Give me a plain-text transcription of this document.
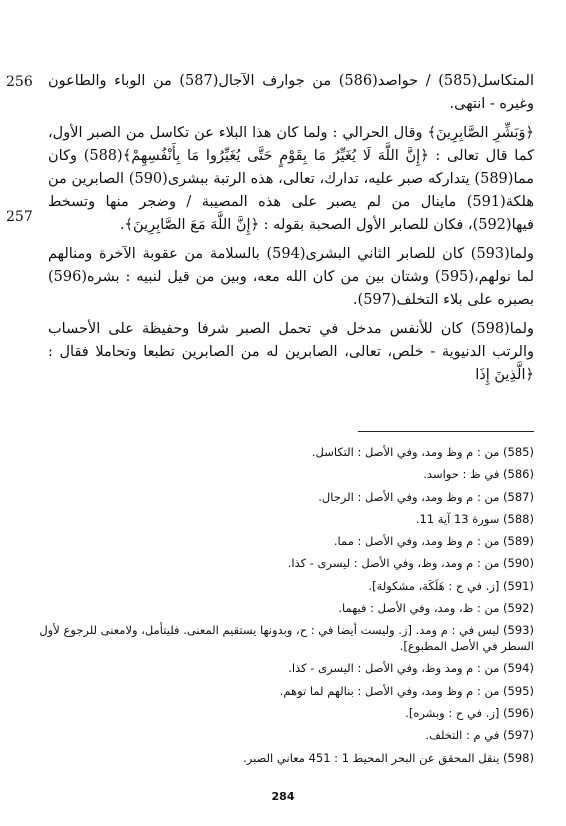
256
257

المتكاسل(585) / حواصد(586) من جوارف الآجال(587) من الوباء والطاعون وغيره - انتهى.

﴿وَبَشِّرِ الصَّابِرِينَ﴾ وقال الحرالي : ولما كان هذا البلاء عن تكاسل من الصبر الأول، كما قال تعالى : ﴿إِنَّ اللَّهَ لَا يُغَيِّرُ مَا بِقَوْمٍ حَتَّى يُغَيِّرُوا مَا بِأَنْفُسِهِمْ﴾(588) وكان مما(589) يتداركه صبر عليه، تدارك، تعالى، هذه الرتبة ببشرى(590) الصابرين من هلكة(591) ماينال من لم يصبر على هذه المصيبة / وضجر منها وتسخط فيها(592)، فكان للصابر الأول الصحبة بقوله : ﴿إِنَّ اللَّهَ مَعَ الصَّابِرِينَ﴾.

ولما(593) كان للصابر الثاني البشرى(594) بالسلامة من عقوبة الآخرة ومنالهم لما نولهم،(595) وشتان بين من كان الله معه، وبين من قيل لنبيه : بشره(596) بصبره على بلاء التخلف(597).

ولما(598) كان للأنفس مدخل في تحمل الصبر شرفا وحفيظة على الأحساب والرتب الدنيوية - خلص، تعالى، الصابرين له من الصابرين تطبعا وتحاملا فقال : ﴿الَّذِينَ إِذَا

(585) من : م وظ ومد، وفي الأصل : التكاسل.
(586) في ظ : حواسد.
(587) من : م وظ ومد، وفي الأصل : الرجال.
(588) سورة 13 آية 11.
(589) من : م وظ ومد، وفي الأصل : مما.
(590) من : م ومد، وظ، وفي الأصل : ليسرى - كذا.
(591) [ز. في ح : هَلَكَة، مشكولة].
(592) من : ظ، ومد، وفي الأصل : فيهما.
(593) ليس في : م ومد. [ز. وليست أيضا في : ح، وبدونها يستقيم المعنى. فليتأمل، ولامعنى للرجوع لأول السطر في الأصل المطبوع].
(594) من : م ومد وظ، وفي الأصل : اليسرى - كذا.
(595) من : م وظ ومد، وفي الأصل : بنالهم لما توهم.
(596) [ز. في ح : وبشره].
(597) في م : التخلف.
(598) ينقل المحقق عن البحر المحيط 1 : 451 معاني الصبر.
284
